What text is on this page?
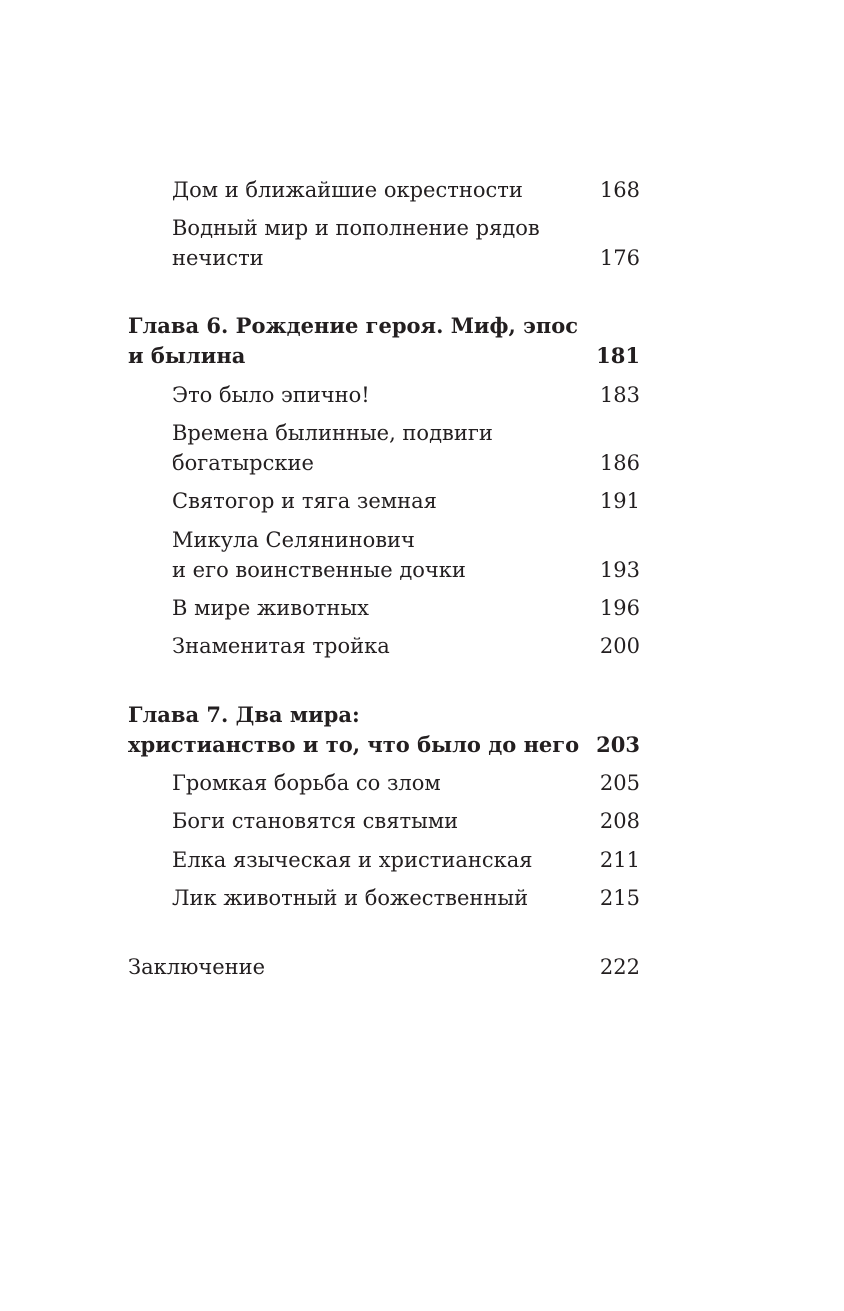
Дом и ближайшие окрестности	168
Водный мир и пополнение рядов
нечисти	176
Глава 6. Рождение героя. Миф, эпос
и былина	181
Это было эпично!	183
Времена былинные, подвиги
богатырские	186
Святогор и тяга земная	191
Микула Селянинович
и его воинственные дочки	193
В мире животных	196
Знаменитая тройка	200
Глава 7. Два мира:
христианство и то, что было до него 203
Громкая борьба со злом	205
Боги становятся святыми	208
Елка языческая и христианская	211
Лик животный и божественный	215
Заключение	222
